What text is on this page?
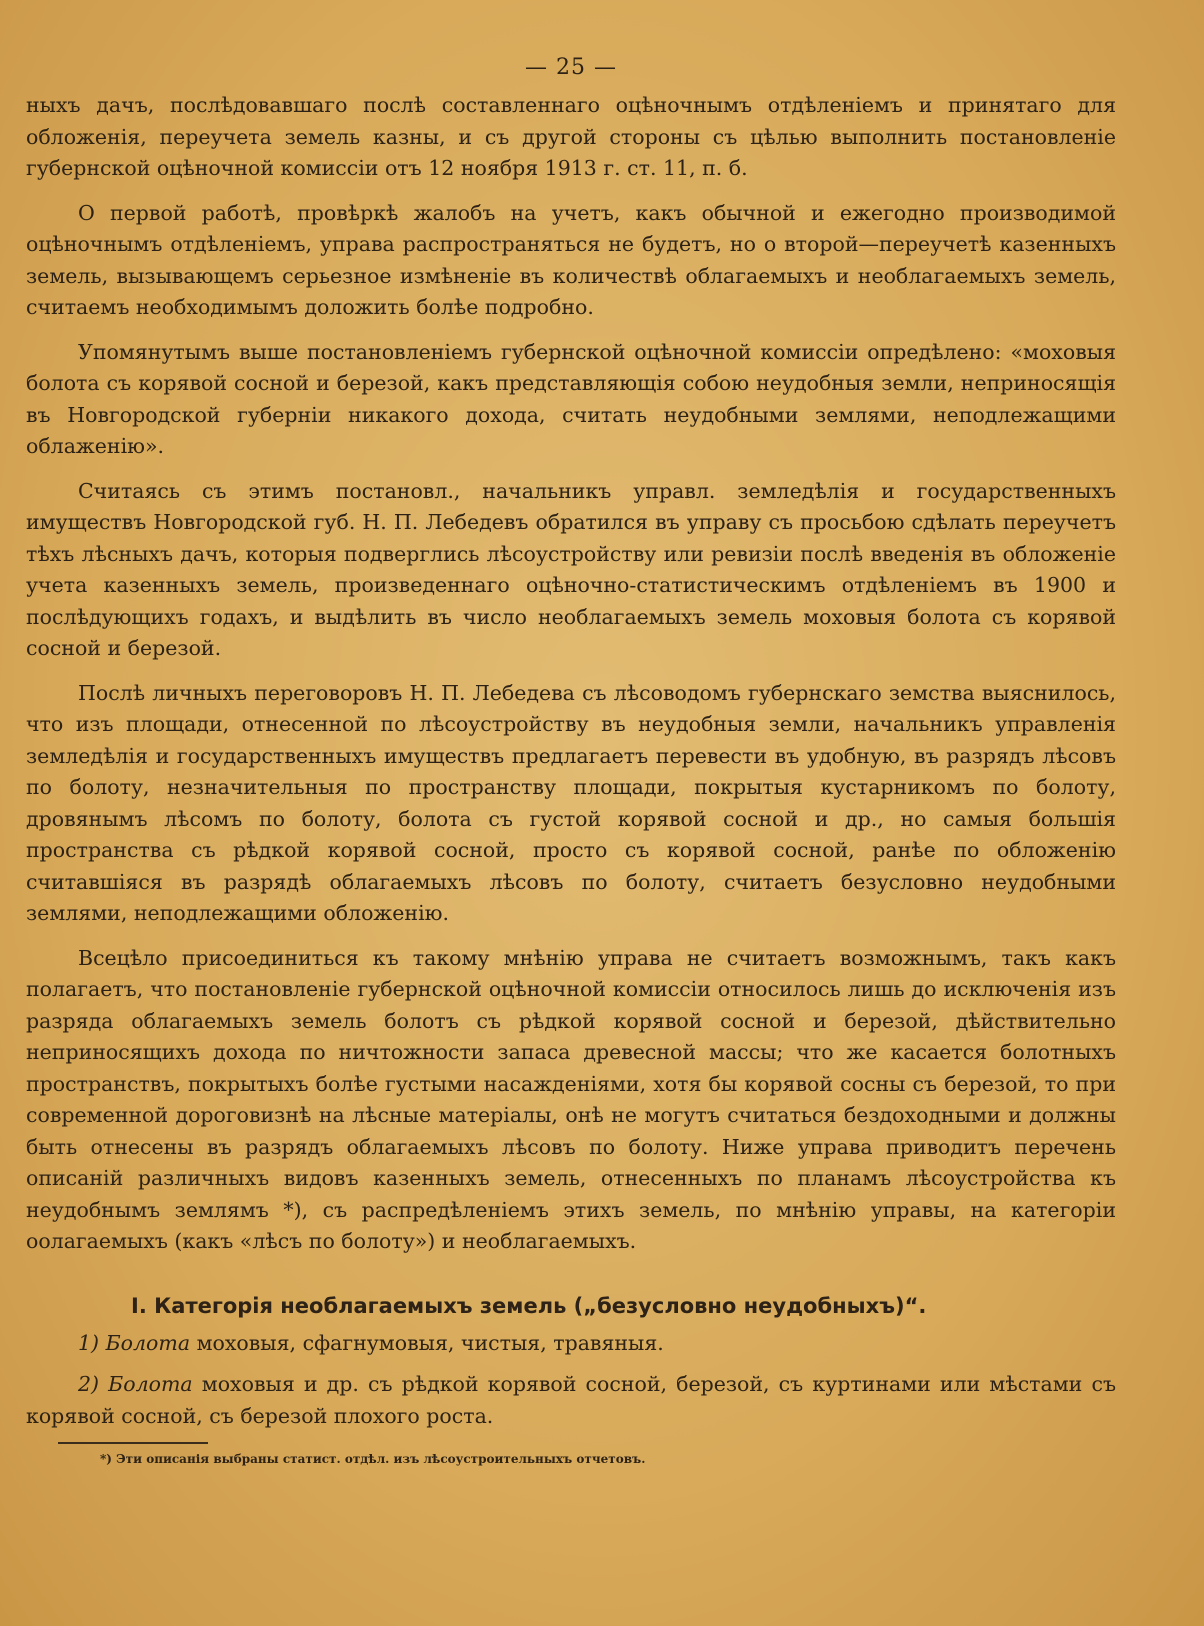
— 25 —

ныхъ дачъ, послѣдовавшаго послѣ составленнаго оцѣночнымъ отдѣленіемъ и принятаго для обложенія, переучета земель казны, и съ другой стороны съ цѣлью выполнить постановленіе губернской оцѣночной комиссіи отъ 12 ноября 1913 г. ст. 11, п. б.

О первой работѣ, провѣркѣ жалобъ на учетъ, какъ обычной и ежегодно производимой оцѣночнымъ отдѣленіемъ, управа распространяться не будетъ, но о второй—переучетѣ казенныхъ земель, вызывающемъ серьезное измѣненіе въ количествѣ облагаемыхъ и необлагаемыхъ земель, считаемъ необходимымъ доложить болѣе подробно.

Упомянутымъ выше постановленіемъ губернской оцѣночной комиссіи опредѣлено: «моховыя болота съ корявой сосной и березой, какъ представляющія собою неудобныя земли, неприносящія въ Новгородской губерніи никакого дохода, считать неудобными землями, неподлежащими облаженію».

Считаясь съ этимъ постановл., начальникъ управл. земледѣлія и государственныхъ имуществъ Новгородской губ. Н. П. Лебедевъ обратился въ управу съ просьбою сдѣлать переучетъ тѣхъ лѣсныхъ дачъ, которыя подверглись лѣсоустройству или ревизіи послѣ введенія въ обложеніе учета казенныхъ земель, произведеннаго оцѣночно-статистическимъ отдѣленіемъ въ 1900 и послѣдующихъ годахъ, и выдѣлить въ число необлагаемыхъ земель моховыя болота съ корявой сосной и березой.

Послѣ личныхъ переговоровъ Н. П. Лебедева съ лѣсоводомъ губернскаго земства выяснилось, что изъ площади, отнесенной по лѣсоустройству въ неудобныя земли, начальникъ управленія земледѣлія и государственныхъ имуществъ предлагаетъ перевести въ удобную, въ разрядъ лѣсовъ по болоту, незначительныя по пространству площади, покрытыя кустарникомъ по болоту, дровянымъ лѣсомъ по болоту, болота съ густой корявой сосной и др., но самыя большія пространства съ рѣдкой корявой сосной, просто съ корявой сосной, ранѣе по обложенію считавшіяся въ разрядѣ облагаемыхъ лѣсовъ по болоту, считаетъ безусловно неудобными землями, неподлежащими обложенію.

Всецѣло присоединиться къ такому мнѣнію управа не считаетъ возможнымъ, такъ какъ полагаетъ, что постановленіе губернской оцѣночной комиссіи относилось лишь до исключенія изъ разряда облагаемыхъ земель болотъ съ рѣдкой корявой сосной и березой, дѣйствительно неприносящихъ дохода по ничтожности запаса древесной массы; что же касается болотныхъ пространствъ, покрытыхъ болѣе густыми насажденіями, хотя бы корявой сосны съ березой, то при современной дороговизнѣ на лѣсные матеріалы, онѣ не могутъ считаться бездоходными и должны быть отнесены въ разрядъ облагаемыхъ лѣсовъ по болоту. Ниже управа приводитъ перечень описаній различныхъ видовъ казенныхъ земель, отнесенныхъ по планамъ лѣсоустройства къ неудобнымъ землямъ *), съ распредѣленіемъ этихъ земель, по мнѣнію управы, на категоріи оолагаемыхъ (какъ «лѣсъ по болоту») и необлагаемыхъ.

I. Категорія необлагаемыхъ земель („безусловно неудобныхъ)“.

1) Болота моховыя, сфагнумовыя, чистыя, травяныя.

2) Болота моховыя и др. съ рѣдкой корявой сосной, березой, съ куртинами или мѣстами съ корявой сосной, съ березой плохого роста.

*) Эти описанія выбраны статист. отдѣл. изъ лѣсоустроительныхъ отчетовъ.
